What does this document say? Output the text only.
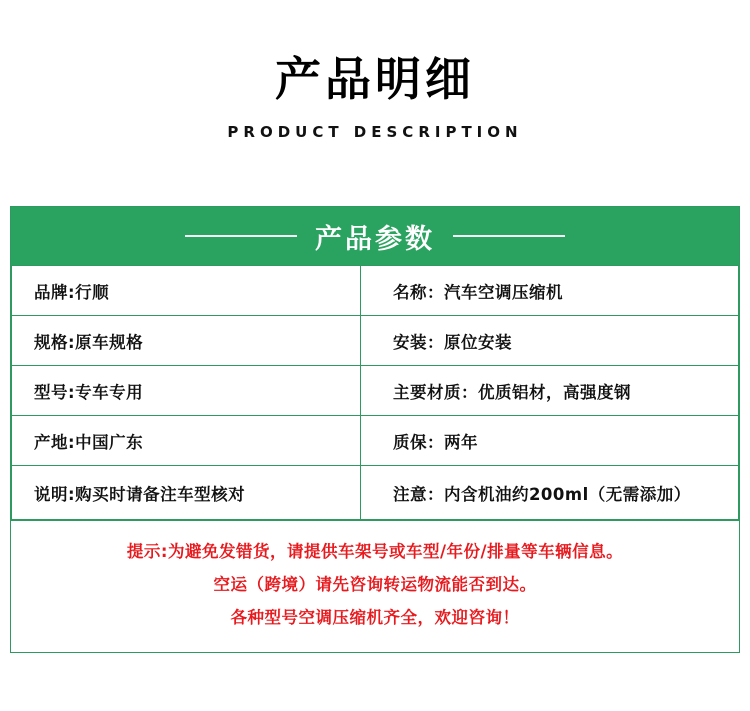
产品明细
PRODUCT DESCRIPTION
产品参数
品牌:行顺	名称：汽车空调压缩机
规格:原车规格	安装：原位安装
型号:专车专用	主要材质：优质铝材，高强度钢
产地:中国广东	质保：两年
说明:购买时请备注车型核对	注意：内含机油约200ml（无需添加）

提示:为避免发错货，请提供车架号或车型/年份/排量等车辆信息。

空运（跨境）请先咨询转运物流能否到达。

各种型号空调压缩机齐全，欢迎咨询！
